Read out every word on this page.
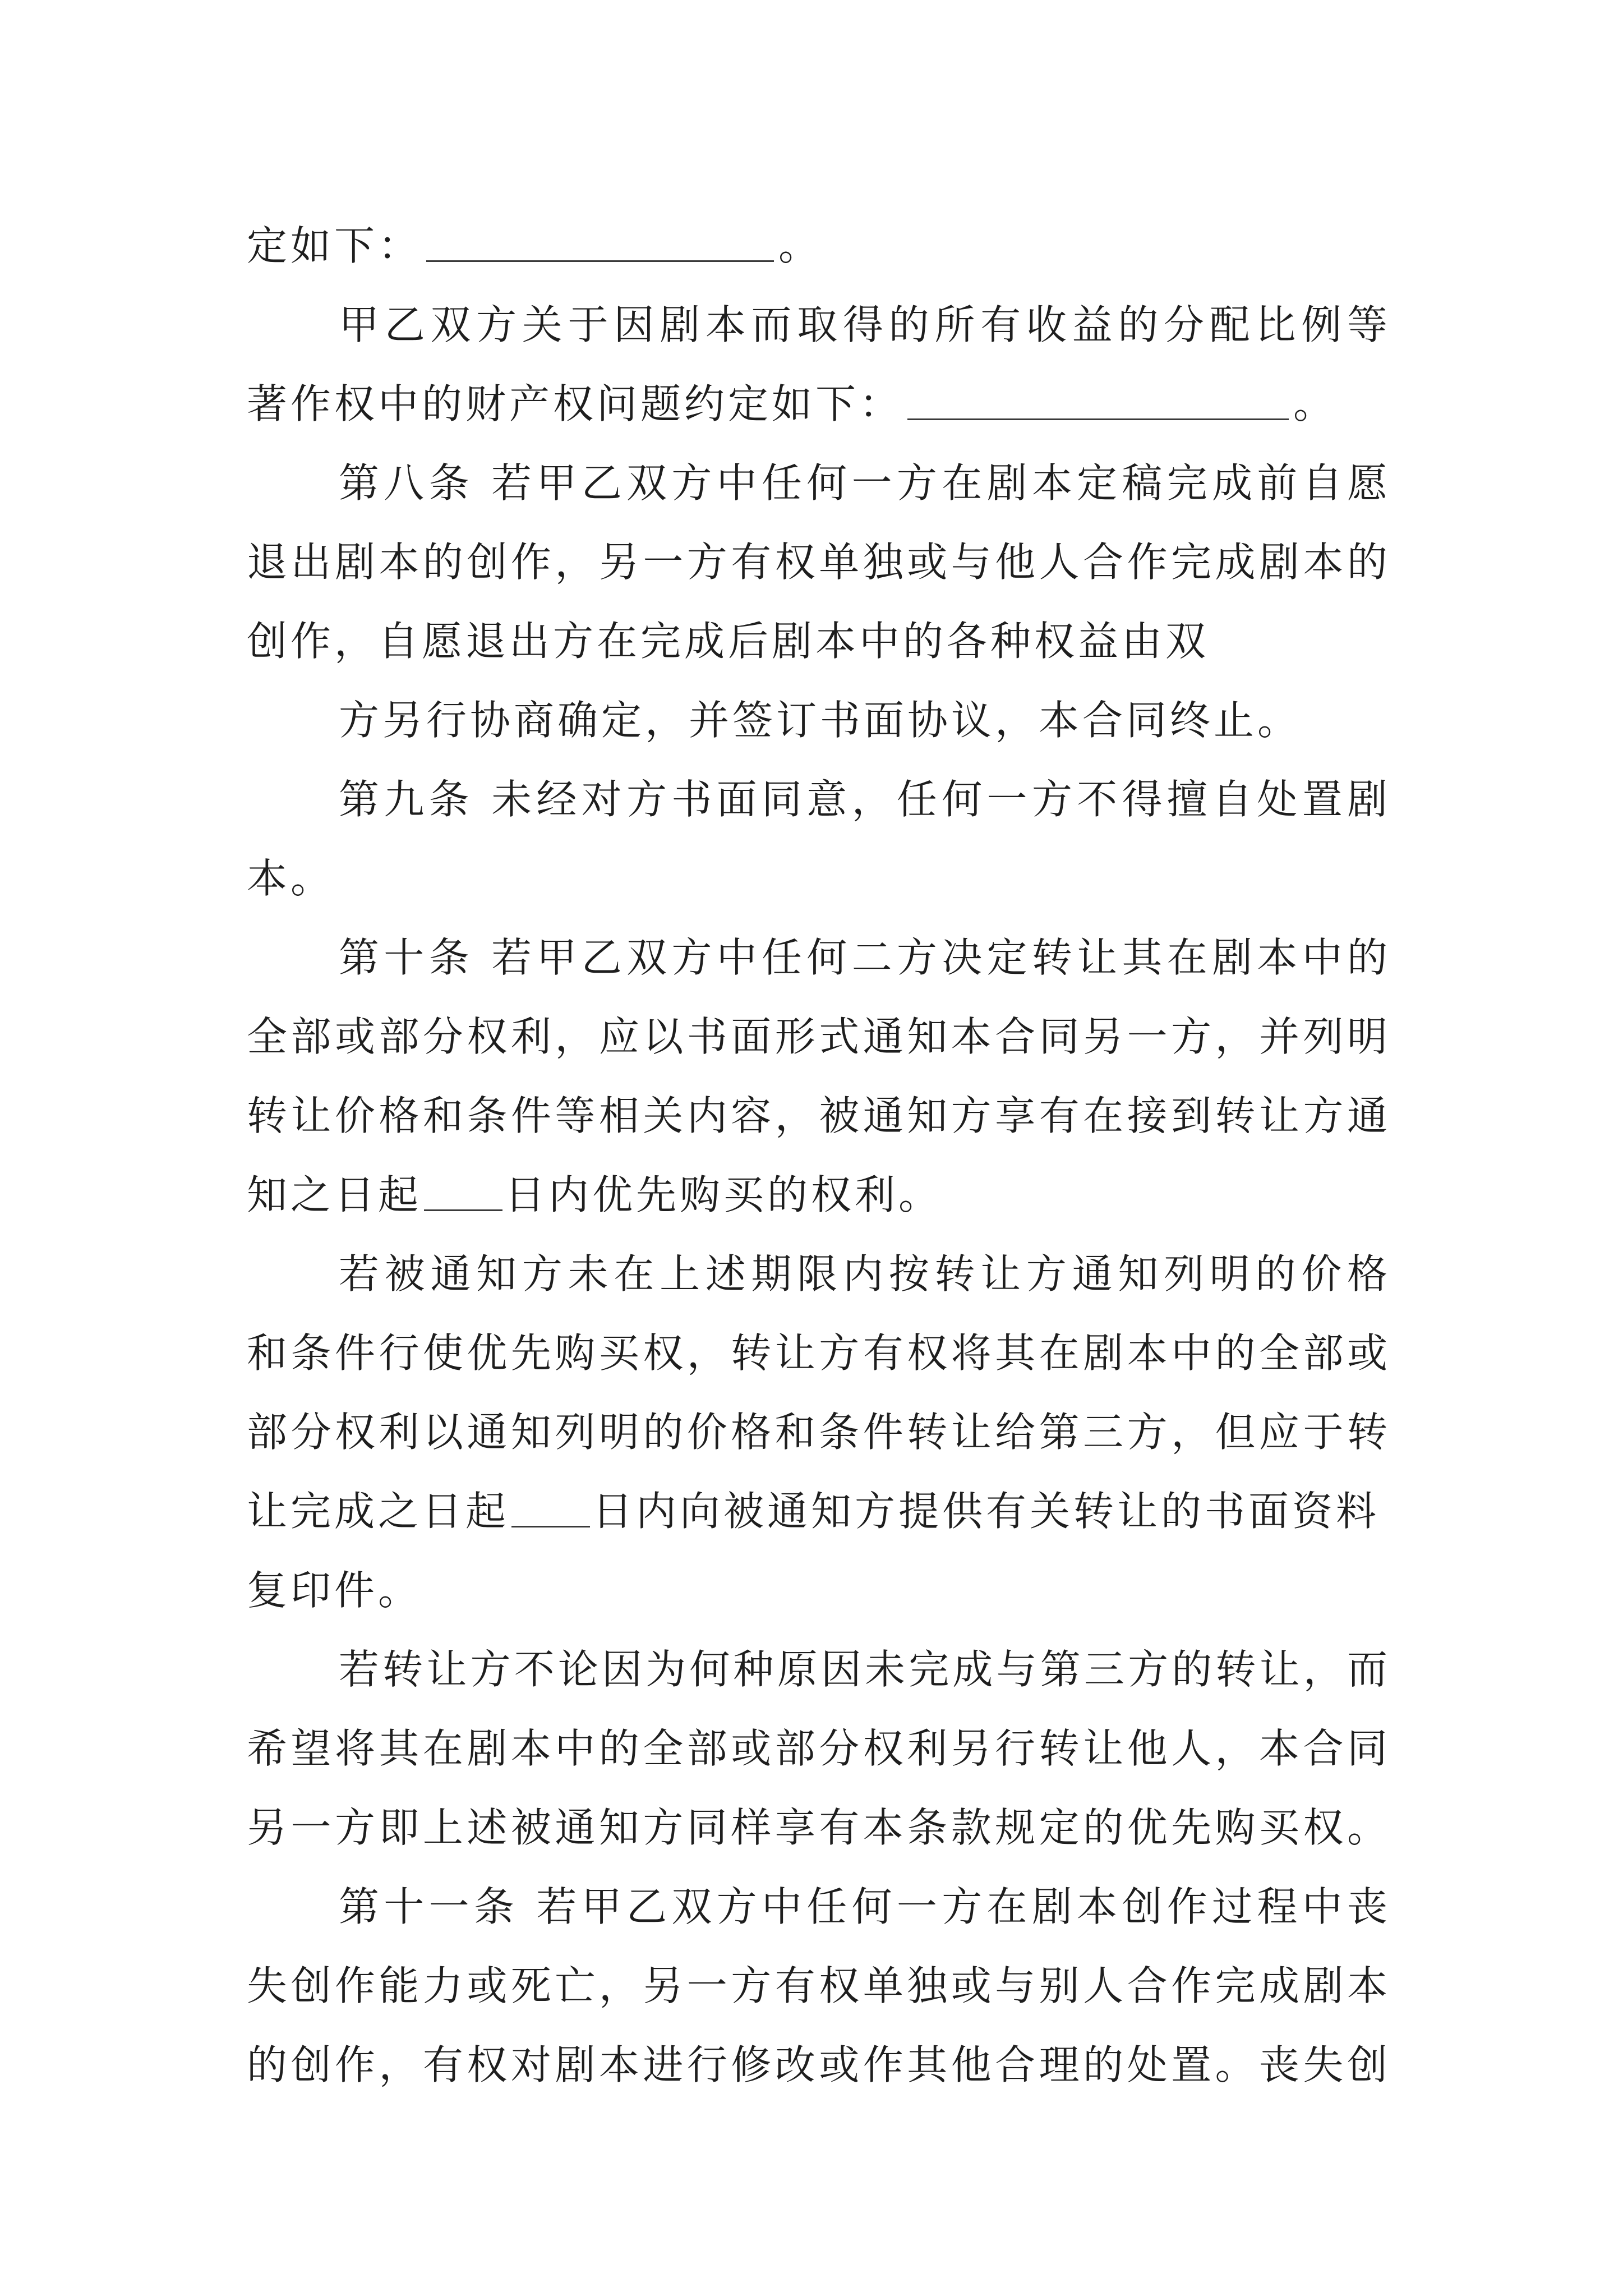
定如下：	。
甲乙双方关于因剧本而取得的所有收益的分配比例等
著作权中的财产权问题约定如下：	。
第八条 若甲乙双方中任何一方在剧本定稿完成前自愿
退出剧本的创作，另一方有权单独或与他人合作完成剧本的
创作，自愿退出方在完成后剧本中的各种权益由双
方另行协商确定，并签订书面协议，本合同终止。
第九条 未经对方书面同意，任何一方不得擅自处置剧
本。
第十条 若甲乙双方中任何二方决定转让其在剧本中的
全部或部分权利，应以书面形式通知本合同另一方，并列明
转让价格和条件等相关内容，被通知方享有在接到转让方通
知之日起 日内优先购买的权利。
若被通知方未在上述期限内按转让方通知列明的价格
和条件行使优先购买权，转让方有权将其在剧本中的全部或
部分权利以通知列明的价格和条件转让给第三方，但应于转
让完成之日起 日内向被通知方提供有关转让的书面资料
复印件。
若转让方不论因为何种原因未完成与第三方的转让，而
希望将其在剧本中的全部或部分权利另行转让他人，本合同
另一方即上述被通知方同样享有本条款规定的优先购买权。
第十一条 若甲乙双方中任何一方在剧本创作过程中丧
失创作能力或死亡，另一方有权单独或与别人合作完成剧本
的创作，有权对剧本进行修改或作其他合理的处置。丧失创
